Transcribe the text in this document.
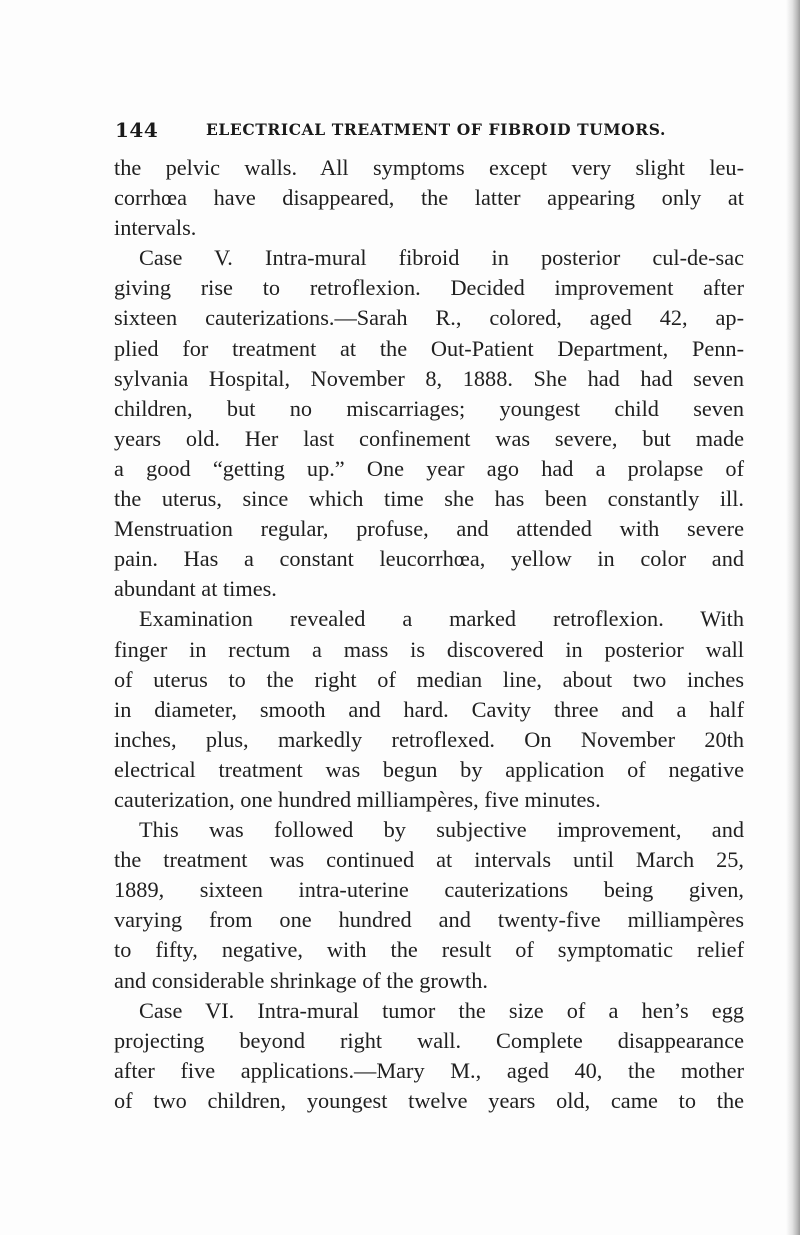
144	ELECTRICAL TREATMENT OF FIBROID TUMORS.
the pelvic walls. All symptoms except very slight leu-
corrhœa have disappeared, the latter appearing only at
intervals.
Case V. Intra-mural fibroid in posterior cul-de-sac
giving rise to retroflexion. Decided improvement after
sixteen cauterizations.—Sarah R., colored, aged 42, ap-
plied for treatment at the Out-Patient Department, Penn-
sylvania Hospital, November 8, 1888. She had had seven
children, but no miscarriages; youngest child seven
years old. Her last confinement was severe, but made
a good “getting up.” One year ago had a prolapse of
the uterus, since which time she has been constantly ill.
Menstruation regular, profuse, and attended with severe
pain. Has a constant leucorrhœa, yellow in color and
abundant at times.
Examination revealed a marked retroflexion. With
finger in rectum a mass is discovered in posterior wall
of uterus to the right of median line, about two inches
in diameter, smooth and hard. Cavity three and a half
inches, plus, markedly retroflexed. On November 20th
electrical treatment was begun by application of negative
cauterization, one hundred milliampères, five minutes.
This was followed by subjective improvement, and
the treatment was continued at intervals until March 25,
1889, sixteen intra-uterine cauterizations being given,
varying from one hundred and twenty-five milliampères
to fifty, negative, with the result of symptomatic relief
and considerable shrinkage of the growth.
Case VI. Intra-mural tumor the size of a hen’s egg
projecting beyond right wall. Complete disappearance
after five applications.—Mary M., aged 40, the mother
of two children, youngest twelve years old, came to the
